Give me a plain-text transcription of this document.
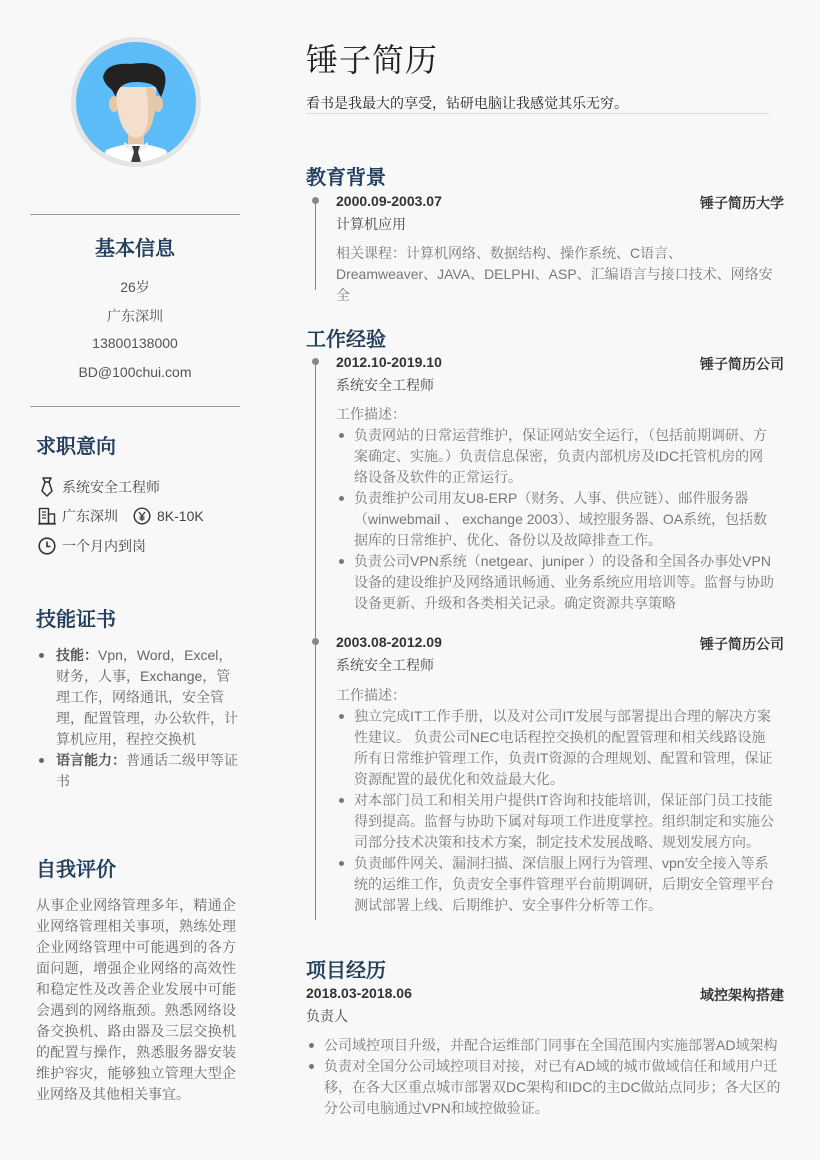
基本信息
26岁
广东深圳
13800138000
BD@100chui.com
求职意向
系统安全工程师
广东深圳	8K-10K
一个月内到岗
技能证书
技能：Vpn，Word，Excel，财务，人事，Exchange，管理工作，网络通讯，安全管理，配置管理，办公软件，计算机应用，程控交换机
语言能力：普通话二级甲等证书
自我评价
从事企业网络管理多年，精通企业网络管理相关事项，熟练处理企业网络管理中可能遇到的各方面问题，增强企业网络的高效性和稳定性及改善企业发展中可能会遇到的网络瓶颈。熟悉网络设备交换机、路由器及三层交换机的配置与操作，熟悉服务器安装维护容灾，能够独立管理大型企业网络及其他相关事宜。
锤子简历
看书是我最大的享受，钻研电脑让我感觉其乐无穷。
教育背景
2000.09-2003.07	锤子简历大学
计算机应用
相关课程：计算机网络、数据结构、操作系统、C语言、Dreamweaver、JAVA、DELPHI、ASP、汇编语言与接口技术、网络安全
工作经验
2012.10-2019.10	锤子简历公司
系统安全工程师
工作描述：
负责网站的日常运营维护，保证网站安全运行，（包括前期调研、方案确定、实施。）负责信息保密，负责内部机房及IDC托管机房的网络设备及软件的正常运行。
负责维护公司用友U8-ERP（财务、人事、供应链）、邮件服务器（winwebmail 、 exchange 2003）、域控服务器、OA系统，包括数据库的日常维护、优化、备份以及故障排查工作。
负责公司VPN系统（netgear、juniper ）的设备和全国各办事处VPN设备的建设维护及网络通讯畅通、业务系统应用培训等。监督与协助设备更新、升级和各类相关记录。确定资源共享策略
2003.08-2012.09	锤子简历公司
系统安全工程师
工作描述：
独立完成IT工作手册，以及对公司IT发展与部署提出合理的解决方案性建议。 负责公司NEC电话程控交换机的配置管理和相关线路设施所有日常维护管理工作，负责IT资源的合理规划、配置和管理，保证资源配置的最优化和效益最大化。
对本部门员工和相关用户提供IT咨询和技能培训，保证部门员工技能得到提高。监督与协助下属对每项工作进度掌控。组织制定和实施公司部分技术决策和技术方案，制定技术发展战略、规划发展方向。
负责邮件网关、漏洞扫描、深信服上网行为管理、vpn安全接入等系统的运维工作，负责安全事件管理平台前期调研，后期安全管理平台测试部署上线、后期维护、安全事件分析等工作。
项目经历
2018.03-2018.06	域控架构搭建
负责人
公司域控项目升级，并配合运维部门同事在全国范围内实施部署AD域架构
负责对全国分公司域控项目对接，对已有AD域的城市做域信任和域用户迁移，在各大区重点城市部署双DC架构和IDC的主DC做站点同步；各大区的分公司电脑通过VPN和域控做验证。
